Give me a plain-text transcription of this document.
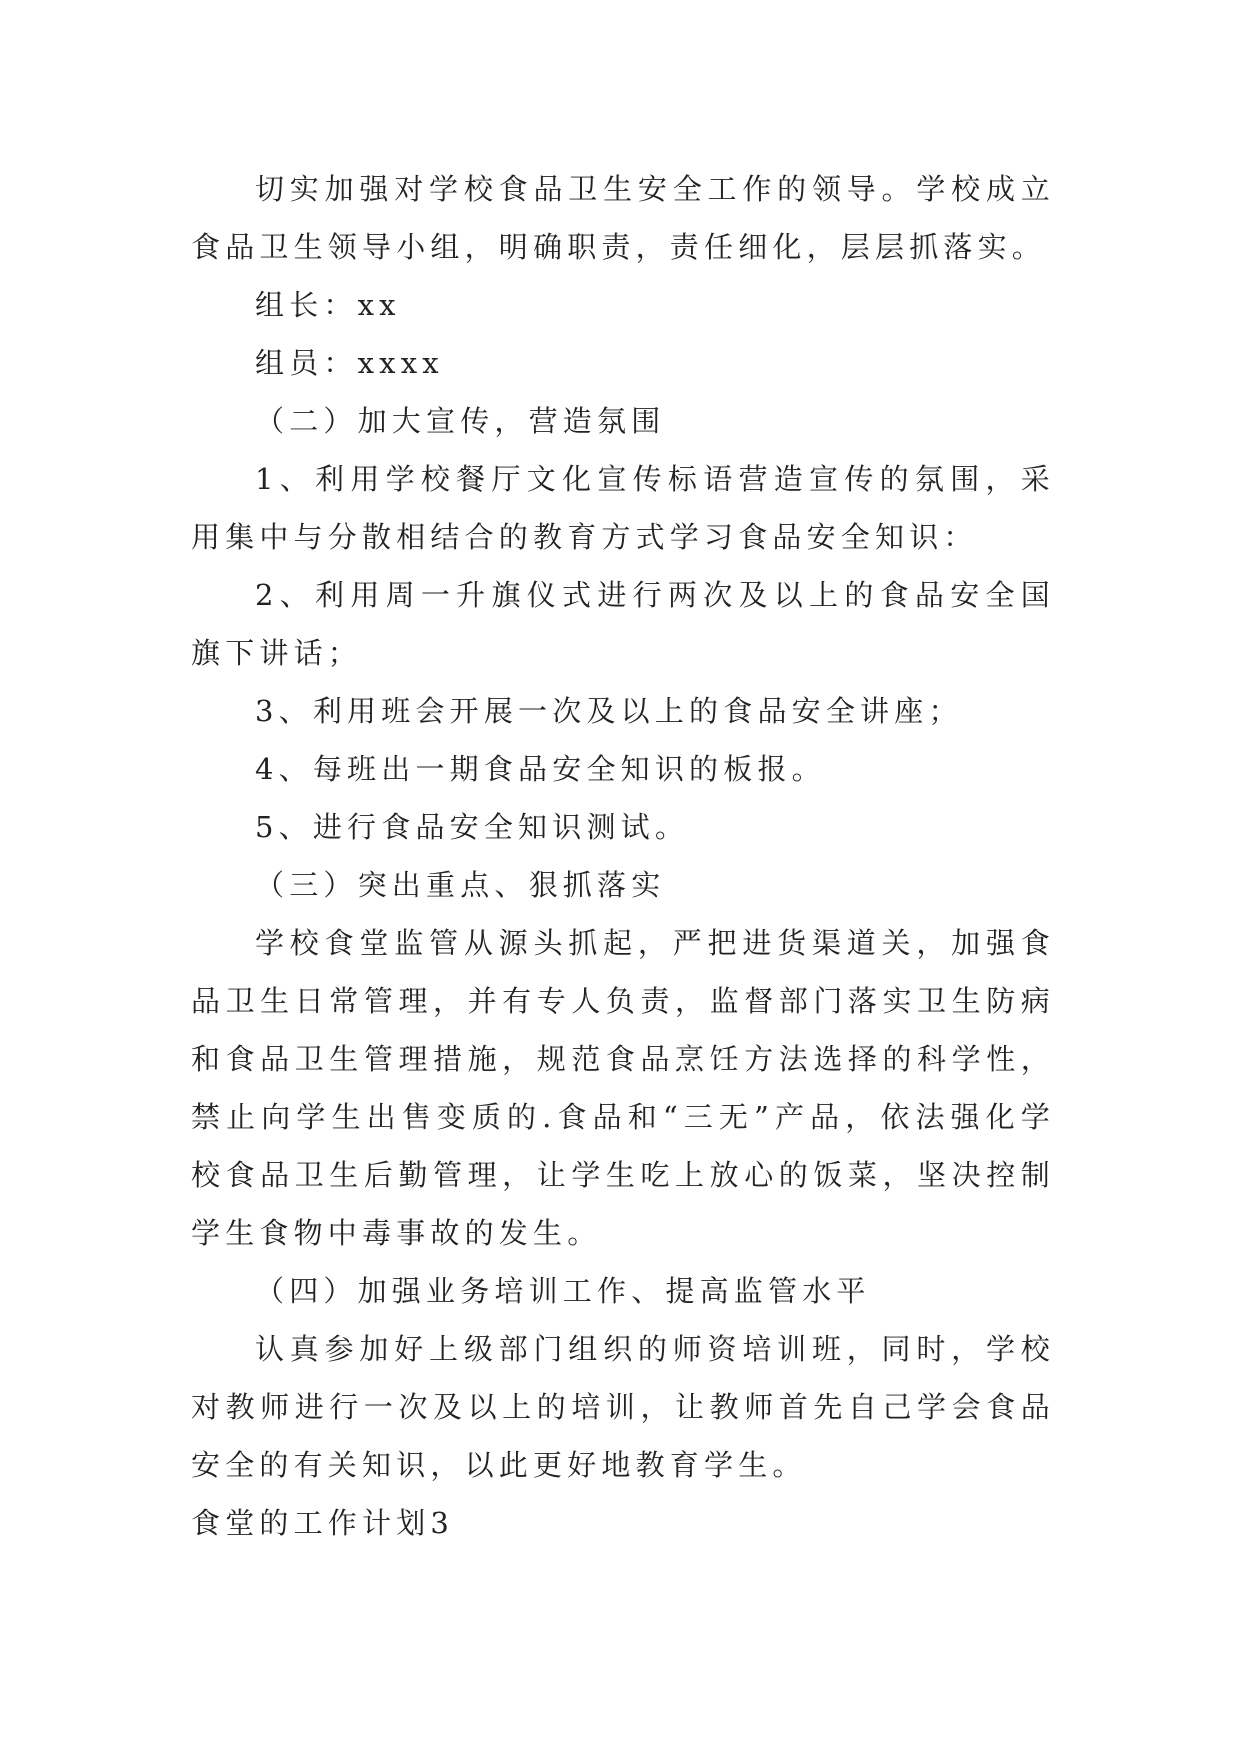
切实加强对学校食品卫生安全工作的领导。学校成立食品卫生领导小组，明确职责，责任细化，层层抓落实。

组长：xx

组员：xxxx

（二）加大宣传，营造氛围

1、利用学校餐厅文化宣传标语营造宣传的氛围，采用集中与分散相结合的教育方式学习食品安全知识：

2、利用周一升旗仪式进行两次及以上的食品安全国旗下讲话；

3、利用班会开展一次及以上的食品安全讲座；

4、每班出一期食品安全知识的板报。

5、进行食品安全知识测试。

（三）突出重点、狠抓落实

学校食堂监管从源头抓起，严把进货渠道关，加强食品卫生日常管理，并有专人负责，监督部门落实卫生防病和食品卫生管理措施，规范食品烹饪方法选择的科学性，禁止向学生出售变质的.食品和“三无”产品，依法强化学校食品卫生后勤管理，让学生吃上放心的饭菜，坚决控制学生食物中毒事故的发生。

（四）加强业务培训工作、提高监管水平

认真参加好上级部门组织的师资培训班，同时，学校对教师进行一次及以上的培训，让教师首先自己学会食品安全的有关知识，以此更好地教育学生。

食堂的工作计划3
